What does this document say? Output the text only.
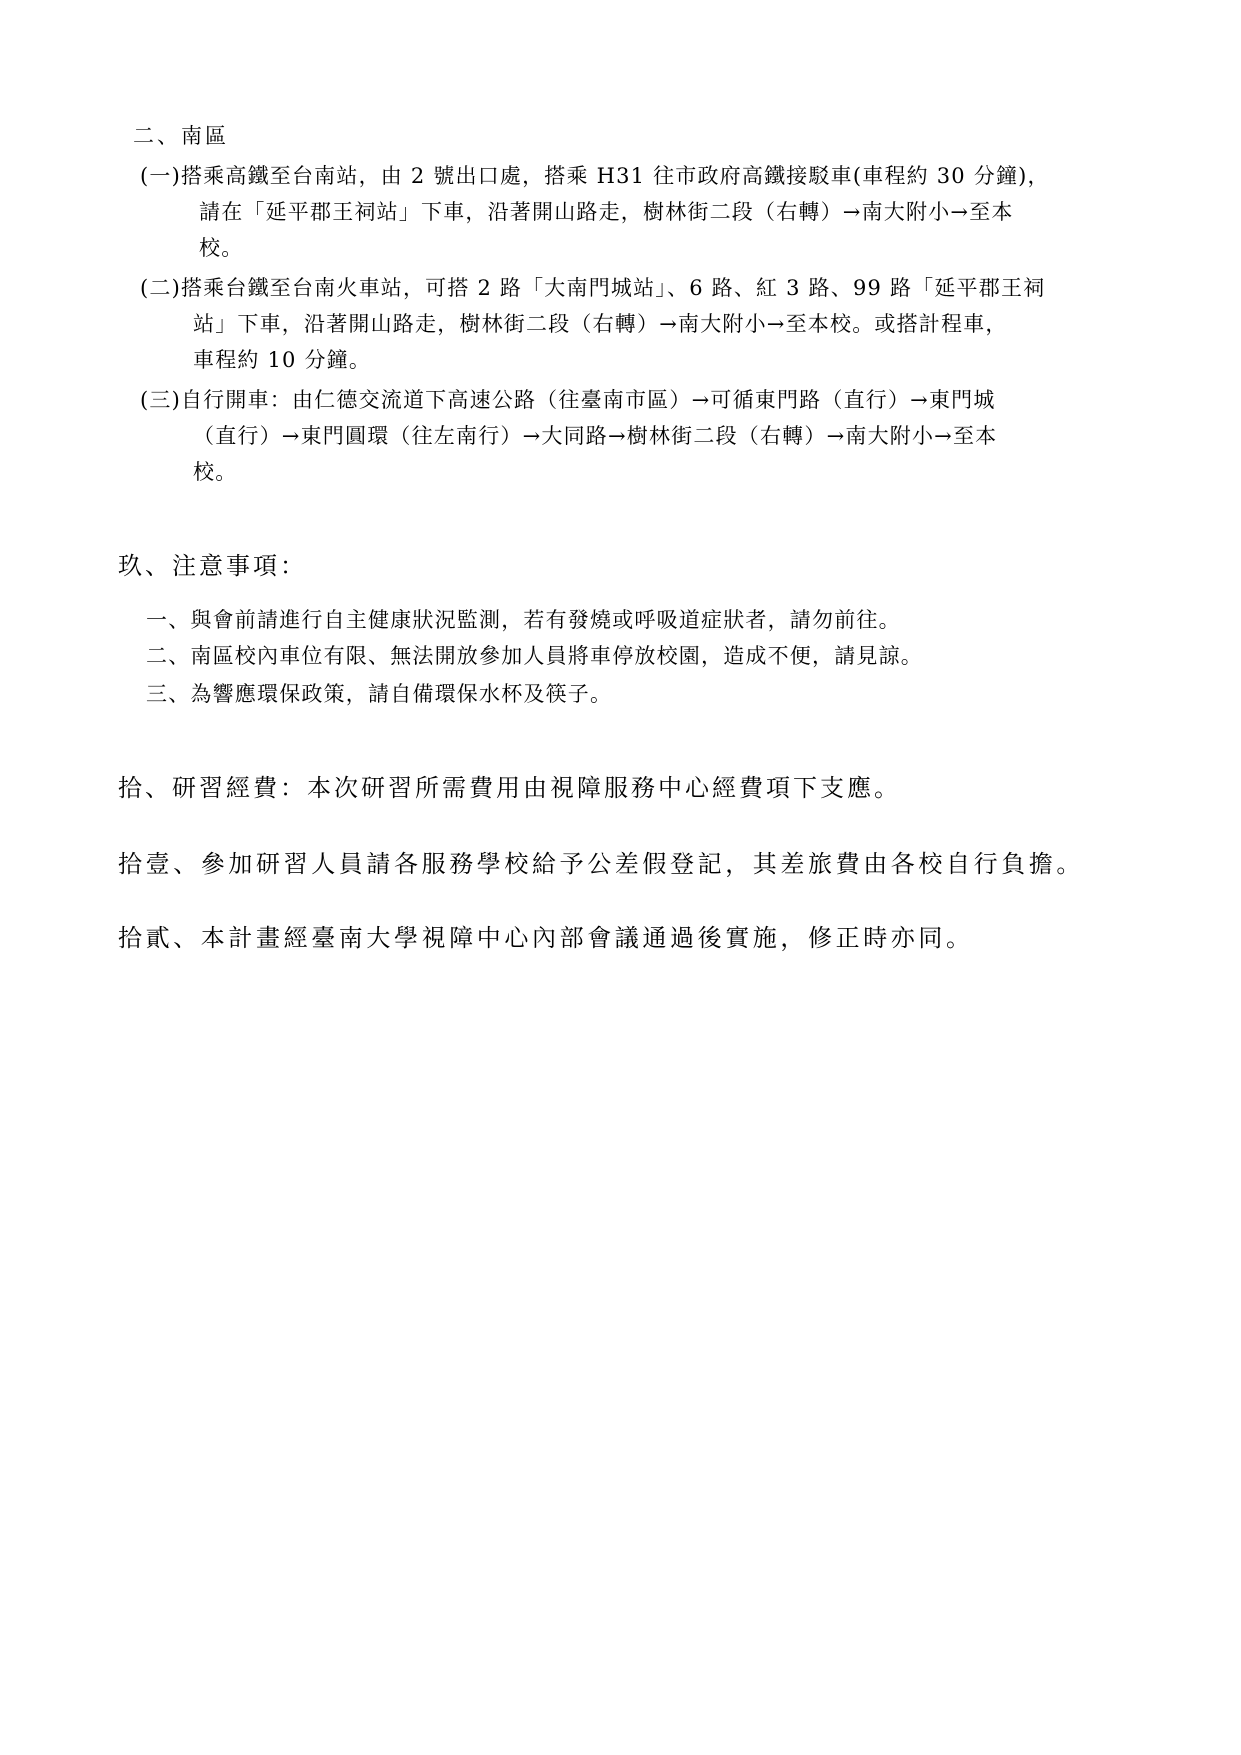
二、南區
(一)搭乘高鐵至台南站，由 2 號出口處，搭乘 H31 往市政府高鐵接駁車(車程約 30 分鐘)，
請在「延平郡王祠站」下車，沿著開山路走，樹林街二段（右轉）→南大附小→至本
校。
(二)搭乘台鐵至台南火車站，可搭 2 路「大南門城站」、6 路、紅 3 路、99 路「延平郡王祠
站」下車，沿著開山路走，樹林街二段（右轉）→南大附小→至本校。或搭計程車，
車程約 10 分鐘。
(三)自行開車：由仁德交流道下高速公路（往臺南市區）→可循東門路（直行）→東門城
（直行）→東門圓環（往左南行）→大同路→樹林街二段（右轉）→南大附小→至本
校。
玖、注意事項：
一、與會前請進行自主健康狀況監測，若有發燒或呼吸道症狀者，請勿前往。
二、南區校內車位有限、無法開放參加人員將車停放校園，造成不便，請見諒。
三、為響應環保政策，請自備環保水杯及筷子。
拾、研習經費：本次研習所需費用由視障服務中心經費項下支應。
拾壹、參加研習人員請各服務學校給予公差假登記，其差旅費由各校自行負擔。
拾貳、本計畫經臺南大學視障中心內部會議通過後實施，修正時亦同。
